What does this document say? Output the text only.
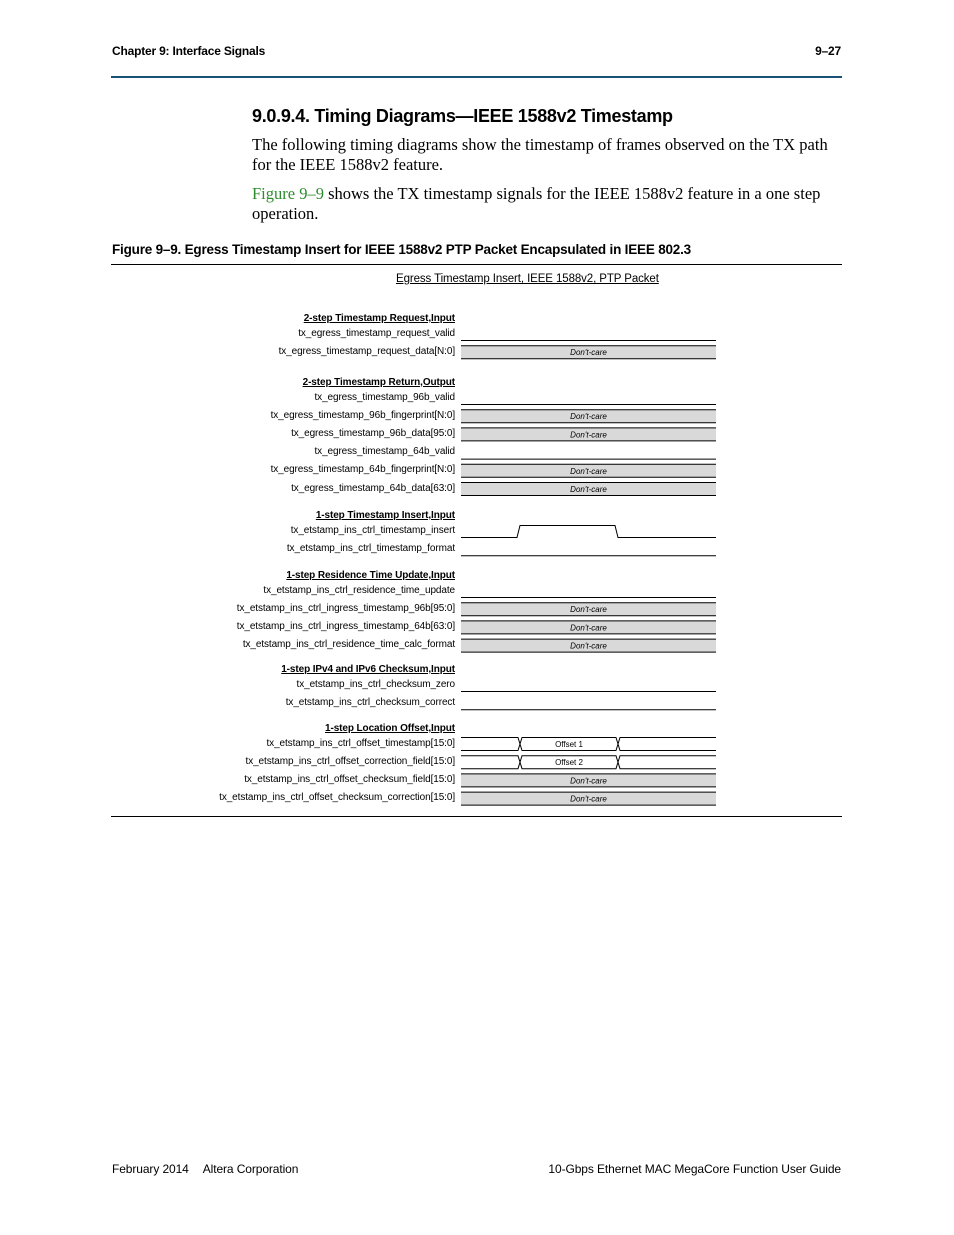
Chapter 9: Interface Signals	9–27
9.0.9.4. Timing Diagrams—IEEE 1588v2 Timestamp
The following timing diagrams show the timestamp of frames observed on the TX path for the IEEE 1588v2 feature.
Figure 9–9 shows the TX timestamp signals for the IEEE 1588v2 feature in a one step operation.
Figure 9–9. Egress Timestamp Insert for IEEE 1588v2 PTP Packet Encapsulated in IEEE 802.3
Egress Timestamp Insert, IEEE 1588v2, PTP Packet
Don't-care
Don't-care
Don't-care
Don't-care
Don't-care
Don't-care
Don't-care
Don't-care
Offset 1
Offset 2
Don't-care
Don't-care
2-step Timestamp Request,Input
tx_egress_timestamp_request_valid
tx_egress_timestamp_request_data[N:0]
2-step Timestamp Return,Output
tx_egress_timestamp_96b_valid
tx_egress_timestamp_96b_fingerprint[N:0]
tx_egress_timestamp_96b_data[95:0]
tx_egress_timestamp_64b_valid
tx_egress_timestamp_64b_fingerprint[N:0]
tx_egress_timestamp_64b_data[63:0]
1-step Timestamp Insert,Input
tx_etstamp_ins_ctrl_timestamp_insert
tx_etstamp_ins_ctrl_timestamp_format
1-step Residence Time Update,Input
tx_etstamp_ins_ctrl_residence_time_update
tx_etstamp_ins_ctrl_ingress_timestamp_96b[95:0]
tx_etstamp_ins_ctrl_ingress_timestamp_64b[63:0]
tx_etstamp_ins_ctrl_residence_time_calc_format
1-step IPv4 and IPv6 Checksum,Input
tx_etstamp_ins_ctrl_checksum_zero
tx_etstamp_ins_ctrl_checksum_correct
1-step Location Offset,Input
tx_etstamp_ins_ctrl_offset_timestamp[15:0]
tx_etstamp_ins_ctrl_offset_correction_field[15:0]
tx_etstamp_ins_ctrl_offset_checksum_field[15:0]
tx_etstamp_ins_ctrl_offset_checksum_correction[15:0]
February 2014 Altera Corporation	10-Gbps Ethernet MAC MegaCore Function User Guide
